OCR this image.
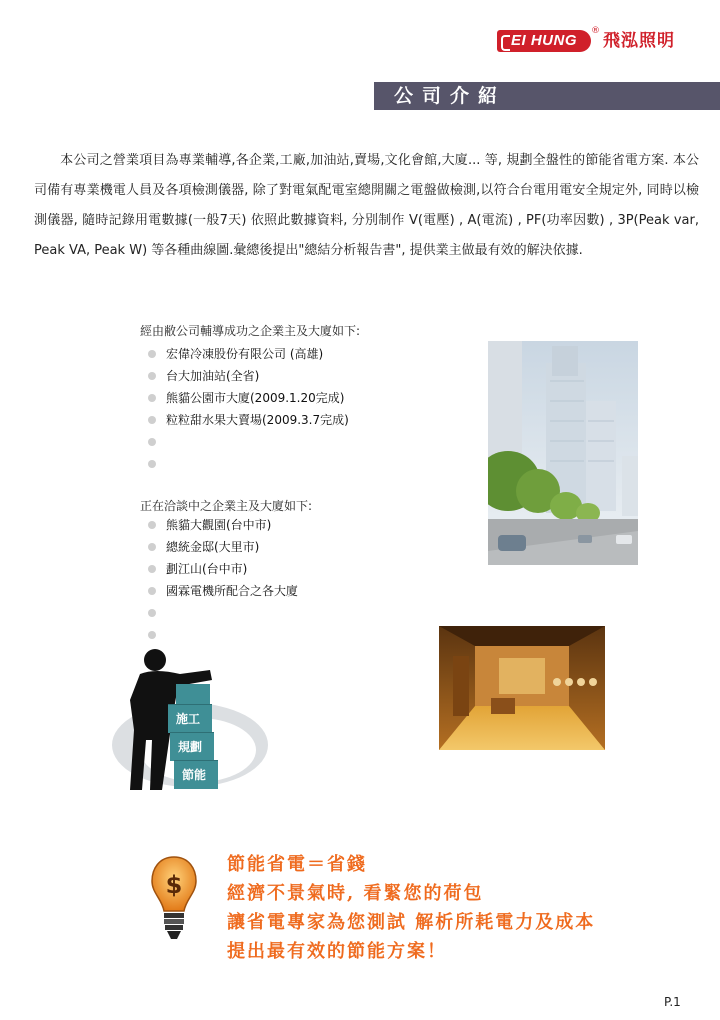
EI HUNG
® 飛泓照明
公司介紹
本公司之營業項目為專業輔導,各企業,工廠,加油站,賣場,文化會館,大廈... 等, 規劃全盤性的節能省電方案. 本公司備有專業機電人員及各項檢測儀器, 除了對電氣配電室總開關之電盤做檢測,以符合台電用電安全規定外, 同時以檢測儀器, 隨時記錄用電數據(一般7天) 依照此數據資料, 分別制作 V(電壓) , A(電流) , PF(功率因數) , 3P(Peak var, Peak VA, Peak W) 等各種曲線圖.彙總後提出"總結分析報告書", 提供業主做最有效的解決依據.
經由敝公司輔導成功之企業主及大廈如下:
宏偉冷凍股份有限公司 (高雄)
台大加油站(全省)
熊貓公園市大廈(2009.1.20完成)
粒粒甜水果大賣場(2009.3.7完成)
正在洽談中之企業主及大廈如下:
熊貓大觀園(台中市)
總統金邸(大里市)
劃江山(台中市)
國霖電機所配合之各大廈
施工
規劃
節能
$
節能省電＝省錢
經濟不景氣時, 看緊您的荷包
讓省電專家為您測試 解析所耗電力及成本
提出最有效的節能方案！
P.1
